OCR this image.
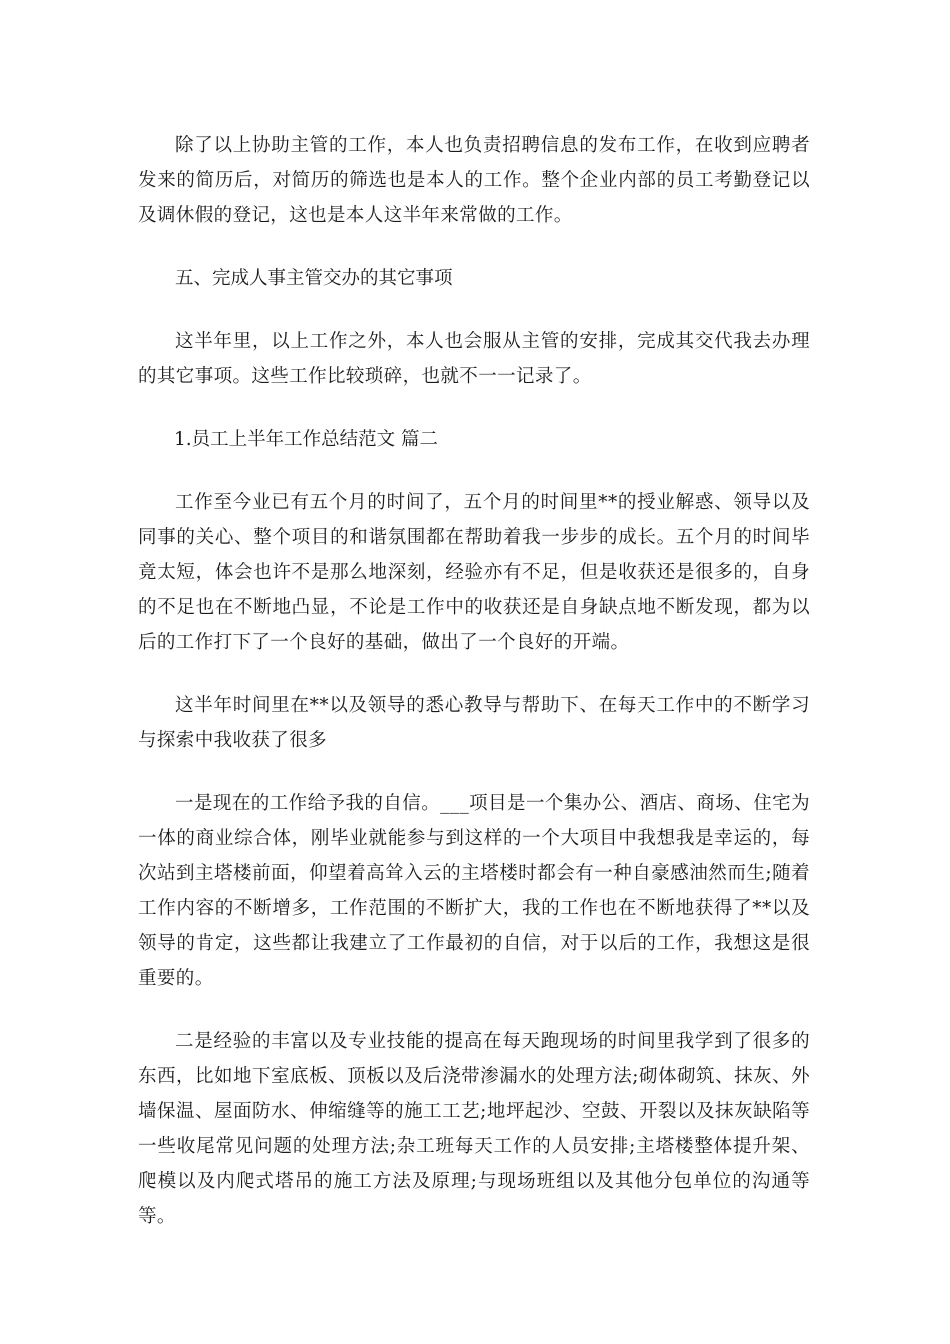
除了以上协助主管的工作，本人也负责招聘信息的发布工作，在收到应聘者发来的简历后，对简历的筛选也是本人的工作。整个企业内部的员工考勤登记以及调休假的登记，这也是本人这半年来常做的工作。

五、完成人事主管交办的其它事项

这半年里，以上工作之外，本人也会服从主管的安排，完成其交代我去办理的其它事项。这些工作比较琐碎，也就不一一记录了。

1.员工上半年工作总结范文 篇二

工作至今业已有五个月的时间了，五个月的时间里**的授业解惑、领导以及同事的关心、整个项目的和谐氛围都在帮助着我一步步的成长。五个月的时间毕竟太短，体会也许不是那么地深刻，经验亦有不足，但是收获还是很多的，自身的不足也在不断地凸显，不论是工作中的收获还是自身缺点地不断发现，都为以后的工作打下了一个良好的基础，做出了一个良好的开端。

这半年时间里在**以及领导的悉心教导与帮助下、在每天工作中的不断学习与探索中我收获了很多

一是现在的工作给予我的自信。___项目是一个集办公、酒店、商场、住宅为一体的商业综合体，刚毕业就能参与到这样的一个大项目中我想我是幸运的，每次站到主塔楼前面，仰望着高耸入云的主塔楼时都会有一种自豪感油然而生;随着工作内容的不断增多，工作范围的不断扩大，我的工作也在不断地获得了**以及领导的肯定，这些都让我建立了工作最初的自信，对于以后的工作，我想这是很重要的。

二是经验的丰富以及专业技能的提高在每天跑现场的时间里我学到了很多的东西，比如地下室底板、顶板以及后浇带渗漏水的处理方法;砌体砌筑、抹灰、外墙保温、屋面防水、伸缩缝等的施工工艺;地坪起沙、空鼓、开裂以及抹灰缺陷等一些收尾常见问题的处理方法;杂工班每天工作的人员安排;主塔楼整体提升架、爬模以及内爬式塔吊的施工方法及原理;与现场班组以及其他分包单位的沟通等等。
